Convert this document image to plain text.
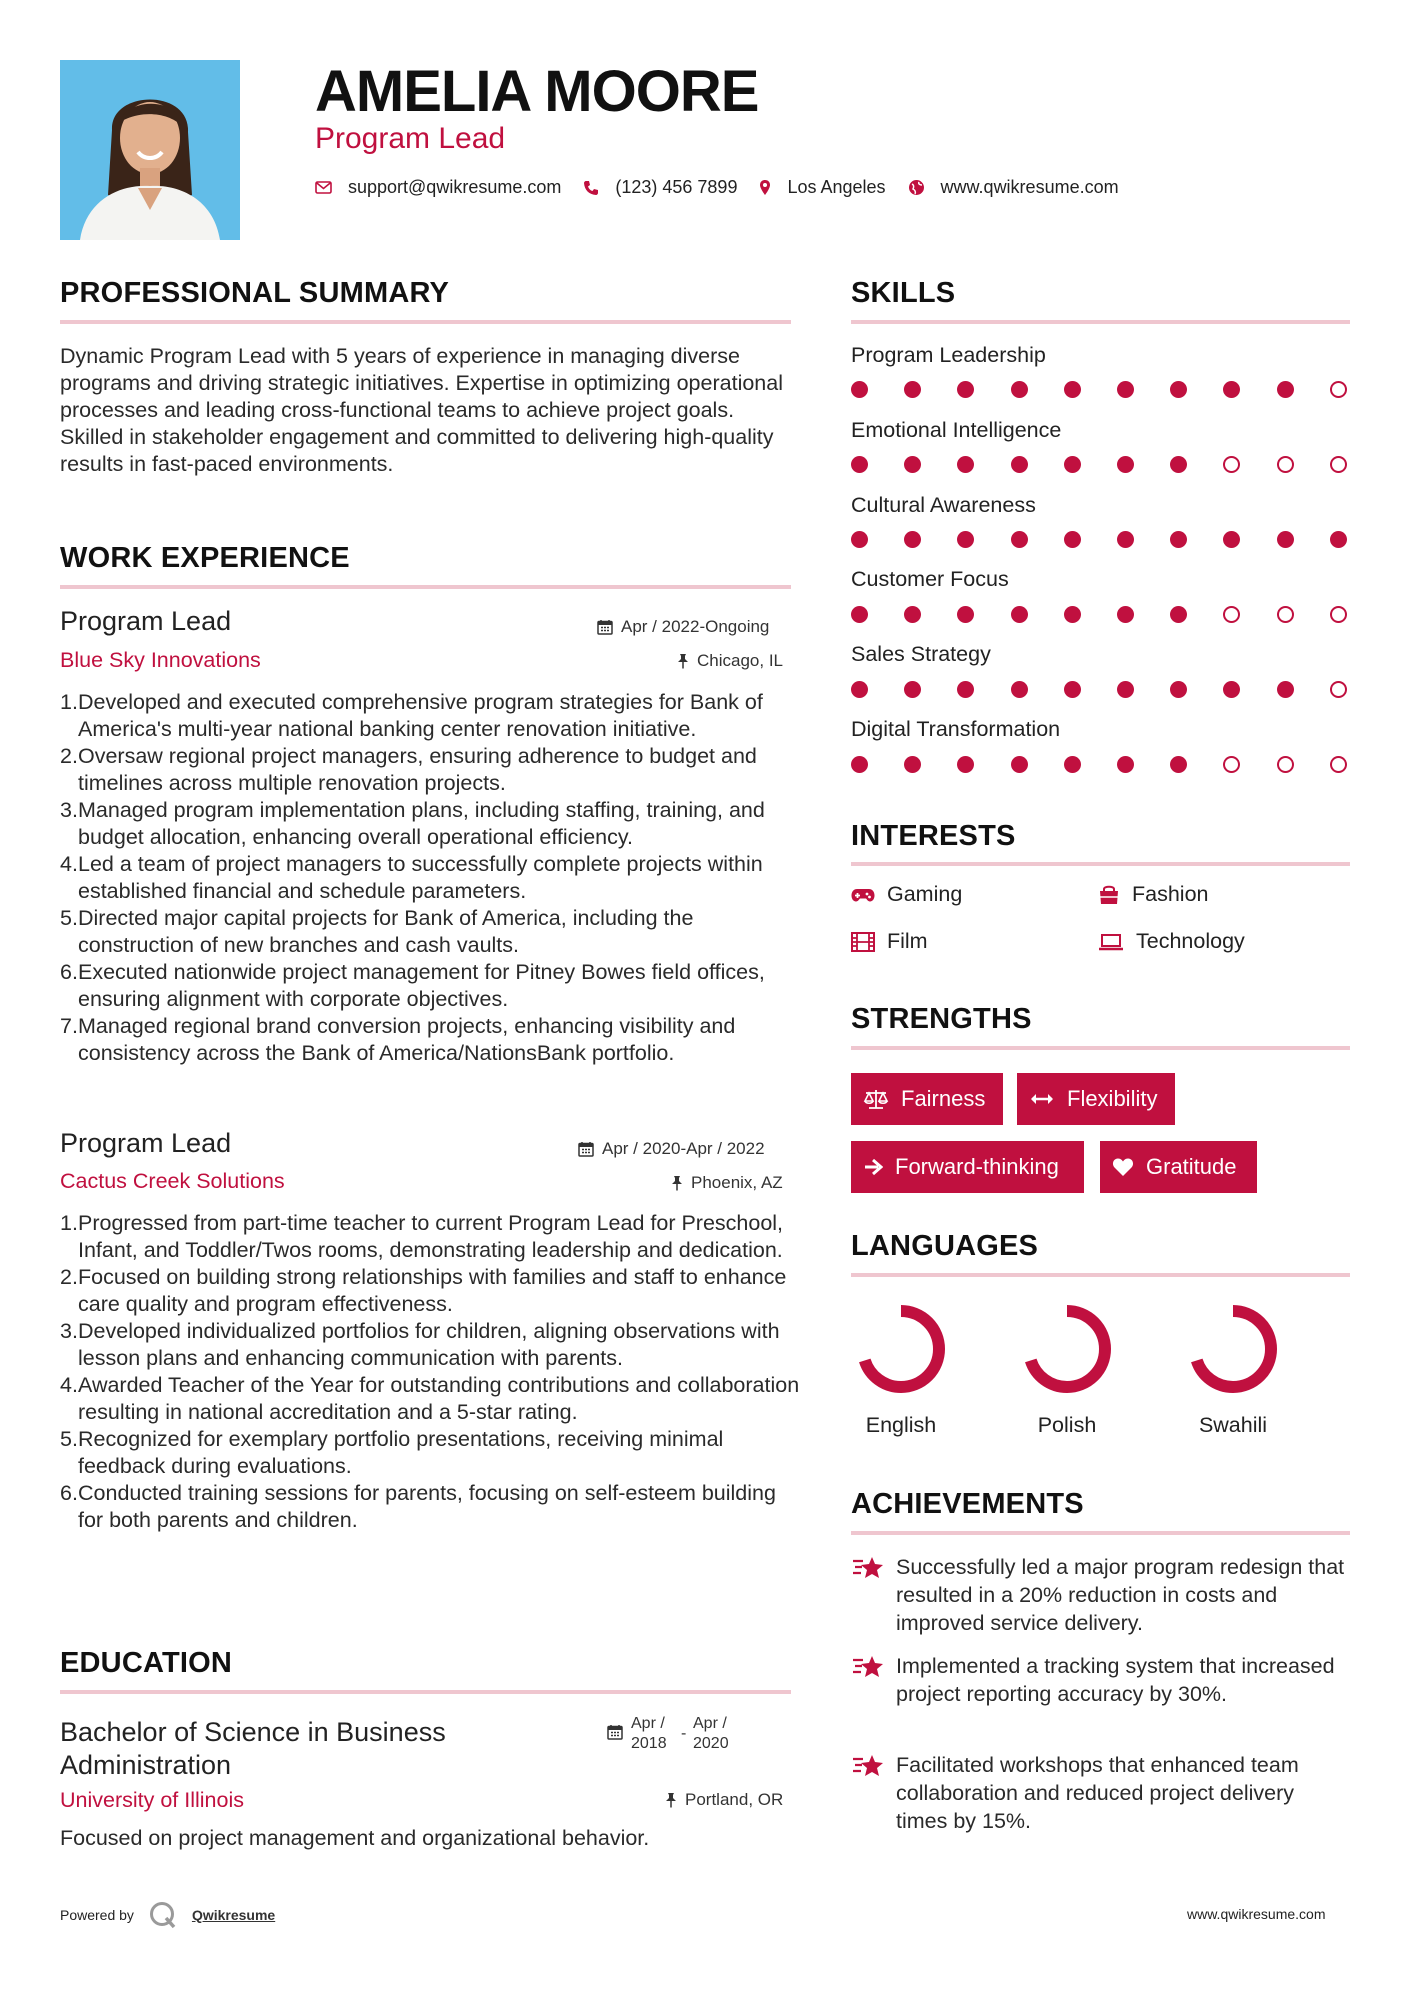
AMELIA MOORE
Program Lead
support@qwikresume.com	(123) 456 7899	Los Angeles	www.qwikresume.com
PROFESSIONAL SUMMARY
Dynamic Program Lead with 5 years of experience in managing diverse programs and driving strategic initiatives. Expertise in optimizing operational processes and leading cross-functional teams to achieve project goals. Skilled in stakeholder engagement and committed to delivering high-quality results in fast-paced environments.
WORK EXPERIENCE
Program Lead	Apr / 2022-Ongoing
Blue Sky Innovations	Chicago, IL
1. Developed and executed comprehensive program strategies for Bank of America's multi-year national banking center renovation initiative.
2. Oversaw regional project managers, ensuring adherence to budget and timelines across multiple renovation projects.
3. Managed program implementation plans, including staffing, training, and budget allocation, enhancing overall operational efficiency.
4. Led a team of project managers to successfully complete projects within established financial and schedule parameters.
5. Directed major capital projects for Bank of America, including the construction of new branches and cash vaults.
6. Executed nationwide project management for Pitney Bowes field offices, ensuring alignment with corporate objectives.
7. Managed regional brand conversion projects, enhancing visibility and consistency across the Bank of America/NationsBank portfolio.
Program Lead	Apr / 2020-Apr / 2022
Cactus Creek Solutions	Phoenix, AZ
1. Progressed from part-time teacher to current Program Lead for Preschool, Infant, and Toddler/Twos rooms, demonstrating leadership and dedication.
2. Focused on building strong relationships with families and staff to enhance care quality and program effectiveness.
3. Developed individualized portfolios for children, aligning observations with lesson plans and enhancing communication with parents.
4. Awarded Teacher of the Year for outstanding contributions and collaboration resulting in national accreditation and a 5-star rating.
5. Recognized for exemplary portfolio presentations, receiving minimal feedback during evaluations.
6. Conducted training sessions for parents, focusing on self-esteem building for both parents and children.
EDUCATION
Bachelor of Science in Business
Administration
Apr /
2018
-
Apr /
2020
University of Illinois	Portland, OR
Focused on project management and organizational behavior.
SKILLS
Program Leadership
Emotional Intelligence
Cultural Awareness
Customer Focus
Sales Strategy
Digital Transformation
INTERESTS
Gaming	Fashion
Film	Technology
STRENGTHS
Fairness	Flexibility
Forward-thinking	Gratitude
LANGUAGES
English	Polish	Swahili
ACHIEVEMENTS
Successfully led a major program redesign that resulted in a 20% reduction in costs and improved service delivery.
Implemented a tracking system that increased project reporting accuracy by 30%.
Facilitated workshops that enhanced team collaboration and reduced project delivery times by 15%.
Powered by	Qwikresume	www.qwikresume.com
